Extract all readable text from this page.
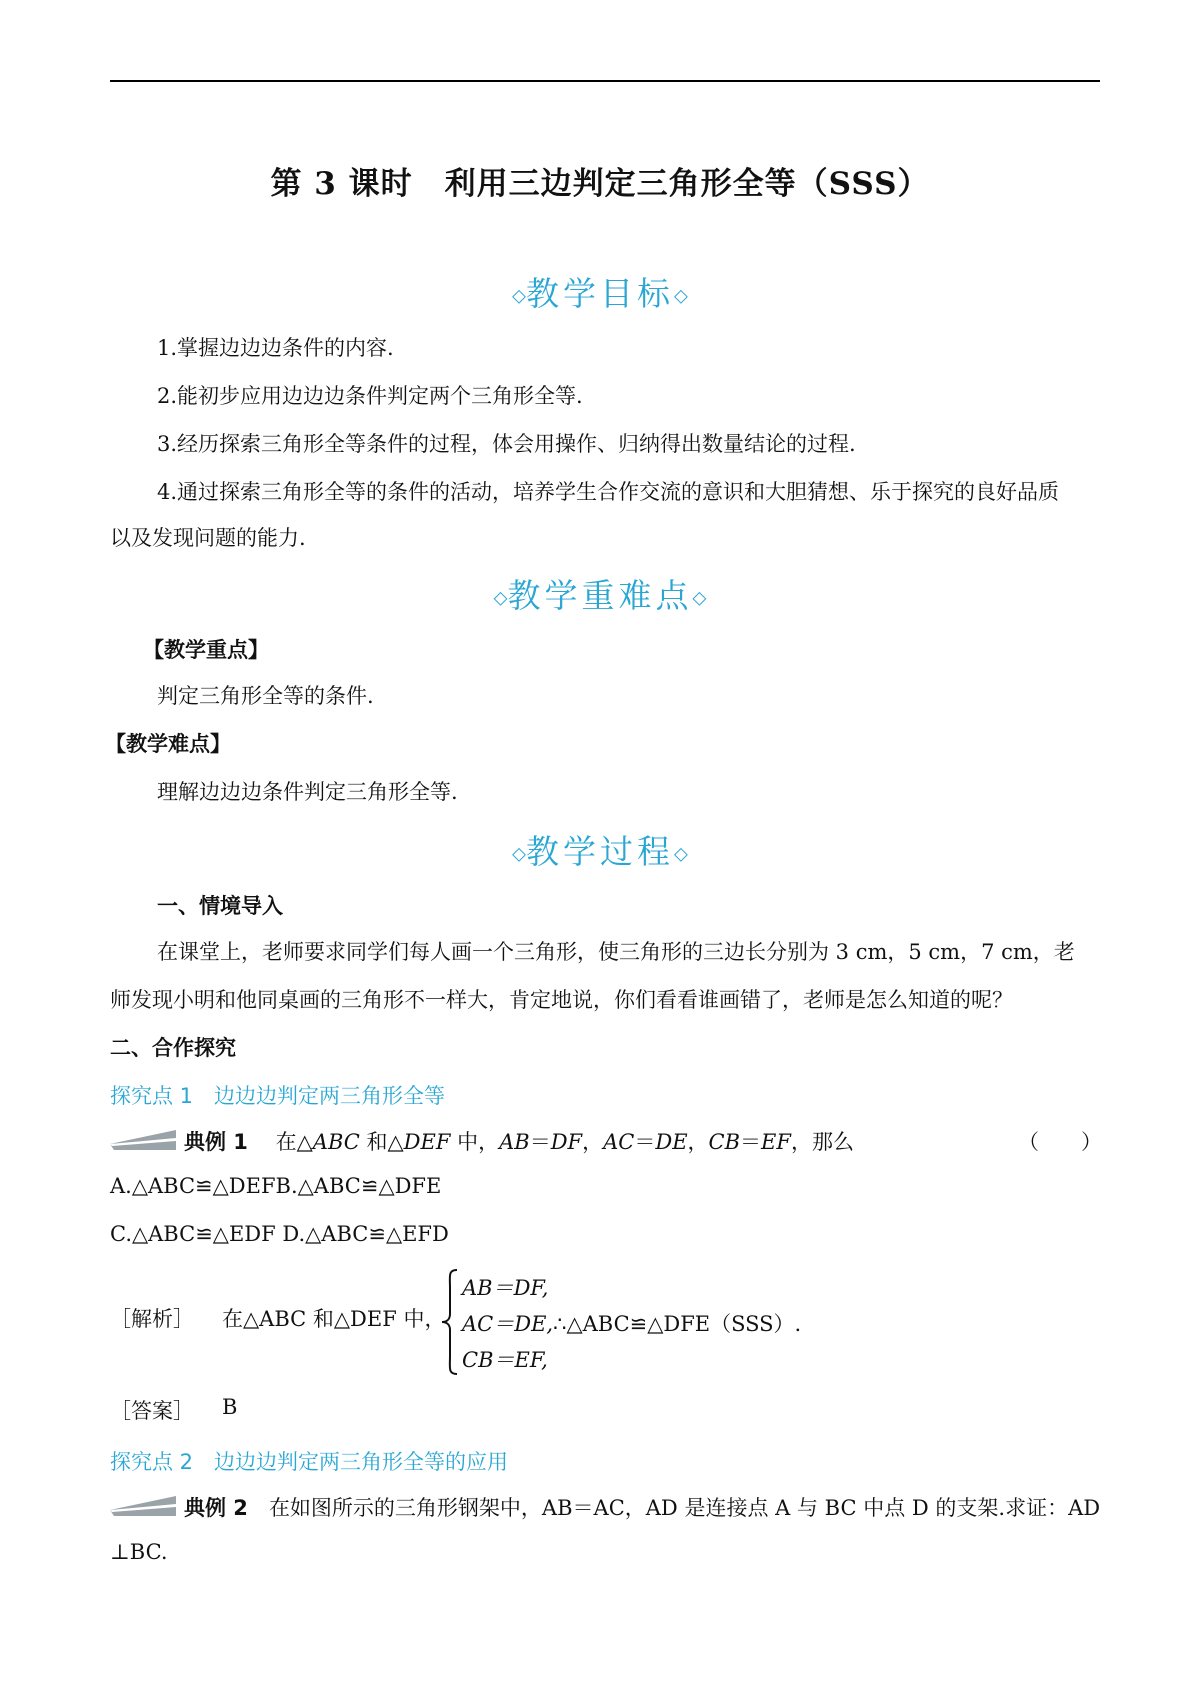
第 3 课时　利用三边判定三角形全等（SSS）
◇教学目标◇
1.掌握边边边条件的内容.
2.能初步应用边边边条件判定两个三角形全等.
3.经历探索三角形全等条件的过程，体会用操作、归纳得出数量结论的过程.
4.通过探索三角形全等的条件的活动，培养学生合作交流的意识和大胆猜想、乐于探究的良好品质
以及发现问题的能力.
◇教学重难点◇
【教学重点】
判定三角形全等的条件.
【教学难点】
理解边边边条件判定三角形全等.
◇教学过程◇
一、情境导入
在课堂上，老师要求同学们每人画一个三角形，使三角形的三边长分别为 3 cm，5 cm，7 cm，老
师发现小明和他同桌画的三角形不一样大，肯定地说，你们看看谁画错了，老师是怎么知道的呢？
二、合作探究
探究点 1　边边边判定两三角形全等
典例 1　 在△ABC 和△DEF 中，AB＝DF，AC＝DE，CB＝EF，那么	（　　）
A.△ABC≌△DEFB.△ABC≌△DFE
C.△ABC≌△EDF D.△ABC≌△EFD
［解析］ 在△ABC 和△DEF 中，
AB＝DF,
AC＝DE,∴△ABC≌△DFE（SSS）.
CB＝EF,
［答案］ B
探究点 2　边边边判定两三角形全等的应用
典例 2　 在如图所示的三角形钢架中，AB＝AC，AD 是连接点 A 与 BC 中点 D 的支架.求证：AD
⊥BC.
